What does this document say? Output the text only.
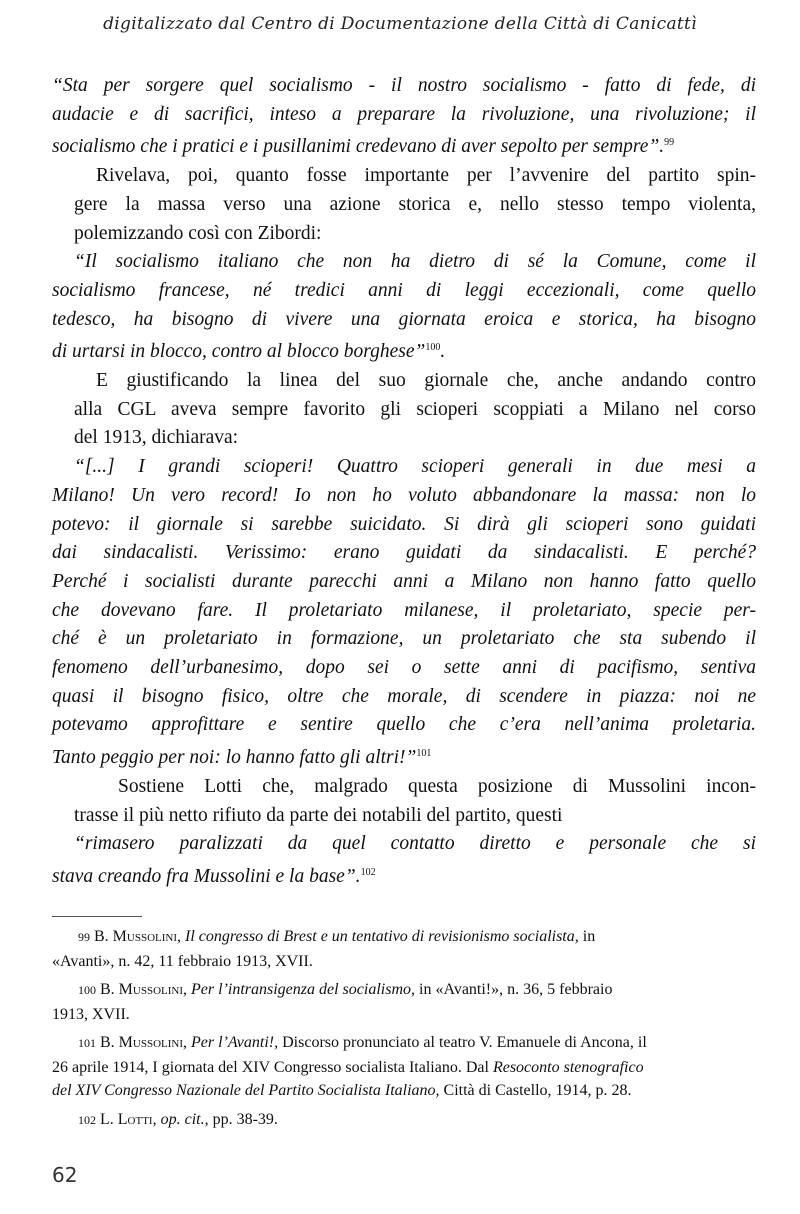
digitalizzato dal Centro di Documentazione della Città di Canicattì
“Sta per sorgere quel socialismo - il nostro socialismo - fatto di fede, di
audacie e di sacrifici, inteso a preparare la rivoluzione, una rivoluzione; il
socialismo che i pratici e i pusillanimi credevano di aver sepolto per sempre”.$^{99}$
Rivelava, poi, quanto fosse importante per l’avvenire del partito spin-
gere la massa verso una azione storica e, nello stesso tempo violenta,
polemizzando così con Zibordi:
“Il socialismo italiano che non ha dietro di sé la Comune, come il
socialismo francese, né tredici anni di leggi eccezionali, come quello
tedesco, ha bisogno di vivere una giornata eroica e storica, ha bisogno
di urtarsi in blocco, contro al blocco borghese”$^{100}$.
E giustificando la linea del suo giornale che, anche andando contro
alla CGL aveva sempre favorito gli scioperi scoppiati a Milano nel corso
del 1913, dichiarava:
“[...] I grandi scioperi! Quattro scioperi generali in due mesi a
Milano! Un vero record! Io non ho voluto abbandonare la massa: non lo
potevo: il giornale si sarebbe suicidato. Si dirà gli scioperi sono guidati
dai sindacalisti. Verissimo: erano guidati da sindacalisti. E perché?
Perché i socialisti durante parecchi anni a Milano non hanno fatto quello
che dovevano fare. Il proletariato milanese, il proletariato, specie per-
ché è un proletariato in formazione, un proletariato che sta subendo il
fenomeno dell’urbanesimo, dopo sei o sette anni di pacifismo, sentiva
quasi il bisogno fisico, oltre che morale, di scendere in piazza: noi ne
potevamo approfittare e sentire quello che c’era nell’anima proletaria.
Tanto peggio per noi: lo hanno fatto gli altri!”$^{101}$
Sostiene Lotti che, malgrado questa posizione di Mussolini incon-
trasse il più netto rifiuto da parte dei notabili del partito, questi
“rimasero paralizzati da quel contatto diretto e personale che si
stava creando fra Mussolini e la base”.$^{102}$
99 B. Mussolini, Il congresso di Brest e un tentativo di revisionismo socialista, in
«Avanti», n. 42, 11 febbraio 1913, XVII.
100 B. Mussolini, Per l’intransigenza del socialismo, in «Avanti!», n. 36, 5 febbraio
1913, XVII.
101 B. Mussolini, Per l’Avanti!, Discorso pronunciato al teatro V. Emanuele di Ancona, il
26 aprile 1914, I giornata del XIV Congresso socialista Italiano. Dal Resoconto stenografico
del XIV Congresso Nazionale del Partito Socialista Italiano, Città di Castello, 1914, p. 28.
102 L. Lotti, op. cit., pp. 38-39.
62
